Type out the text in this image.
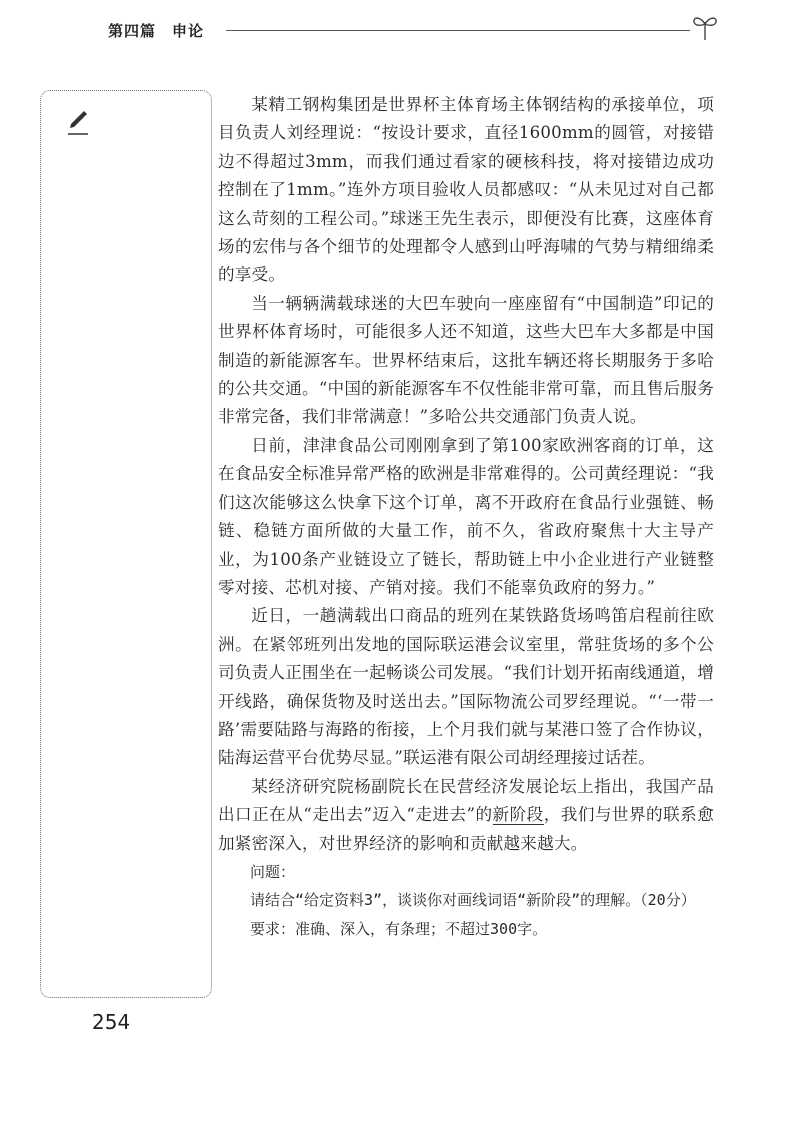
第四篇　申论

某精工钢构集团是世界杯主体育场主体钢结构的承接单位，项目负责人刘经理说：“按设计要求，直径1600mm的圆管，对接错边不得超过3mm，而我们通过看家的硬核科技，将对接错边成功控制在了1mm。”连外方项目验收人员都感叹：“从未见过对自己都这么苛刻的工程公司。”球迷王先生表示，即便没有比赛，这座体育场的宏伟与各个细节的处理都令人感到山呼海啸的气势与精细绵柔的享受。

当一辆辆满载球迷的大巴车驶向一座座留有“中国制造”印记的世界杯体育场时，可能很多人还不知道，这些大巴车大多都是中国制造的新能源客车。世界杯结束后，这批车辆还将长期服务于多哈的公共交通。“中国的新能源客车不仅性能非常可靠，而且售后服务非常完备，我们非常满意！”多哈公共交通部门负责人说。

日前，津津食品公司刚刚拿到了第100家欧洲客商的订单，这在食品安全标准异常严格的欧洲是非常难得的。公司黄经理说：“我们这次能够这么快拿下这个订单，离不开政府在食品行业强链、畅链、稳链方面所做的大量工作，前不久，省政府聚焦十大主导产业，为100条产业链设立了链长，帮助链上中小企业进行产业链整零对接、芯机对接、产销对接。我们不能辜负政府的努力。”

近日，一趟满载出口商品的班列在某铁路货场鸣笛启程前往欧洲。在紧邻班列出发地的国际联运港会议室里，常驻货场的多个公司负责人正围坐在一起畅谈公司发展。“我们计划开拓南线通道，增开线路，确保货物及时送出去。”国际物流公司罗经理说。“‘一带一路’需要陆路与海路的衔接，上个月我们就与某港口签了合作协议，陆海运营平台优势尽显。”联运港有限公司胡经理接过话茬。

某经济研究院杨副院长在民营经济发展论坛上指出，我国产品出口正在从“走出去”迈入“走进去”的新阶段，我们与世界的联系愈加紧密深入，对世界经济的影响和贡献越来越大。

问题：

请结合“给定资料3”，谈谈你对画线词语“新阶段”的理解。（20分）

要求：准确、深入，有条理；不超过300字。

254
